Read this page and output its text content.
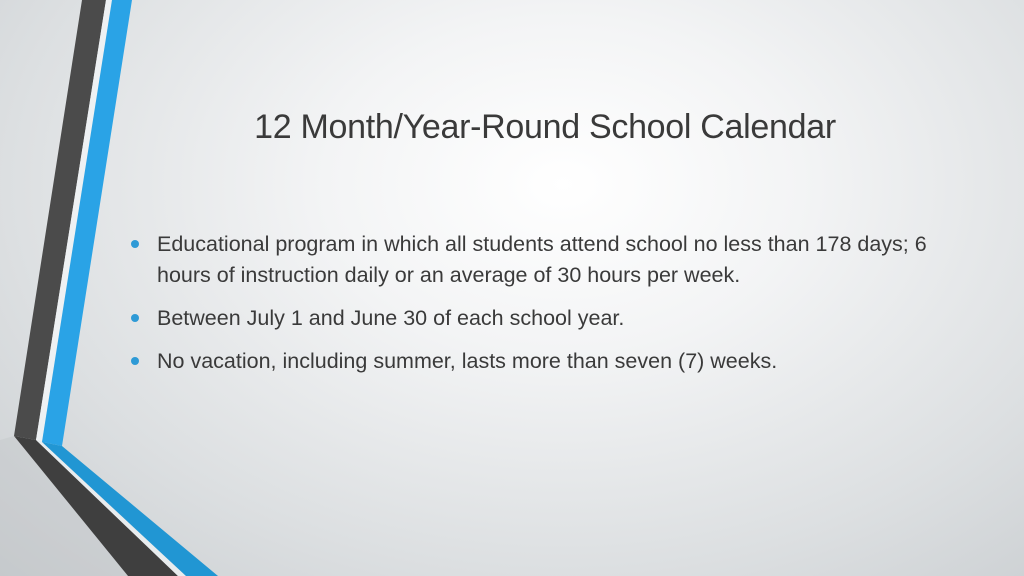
12 Month/Year-Round School Calendar
Educational program in which all students attend school no less than 178 days; 6 hours of instruction daily or an average of 30 hours per week.
Between July 1 and June 30 of each school year.
No vacation, including summer, lasts more than seven (7) weeks.
